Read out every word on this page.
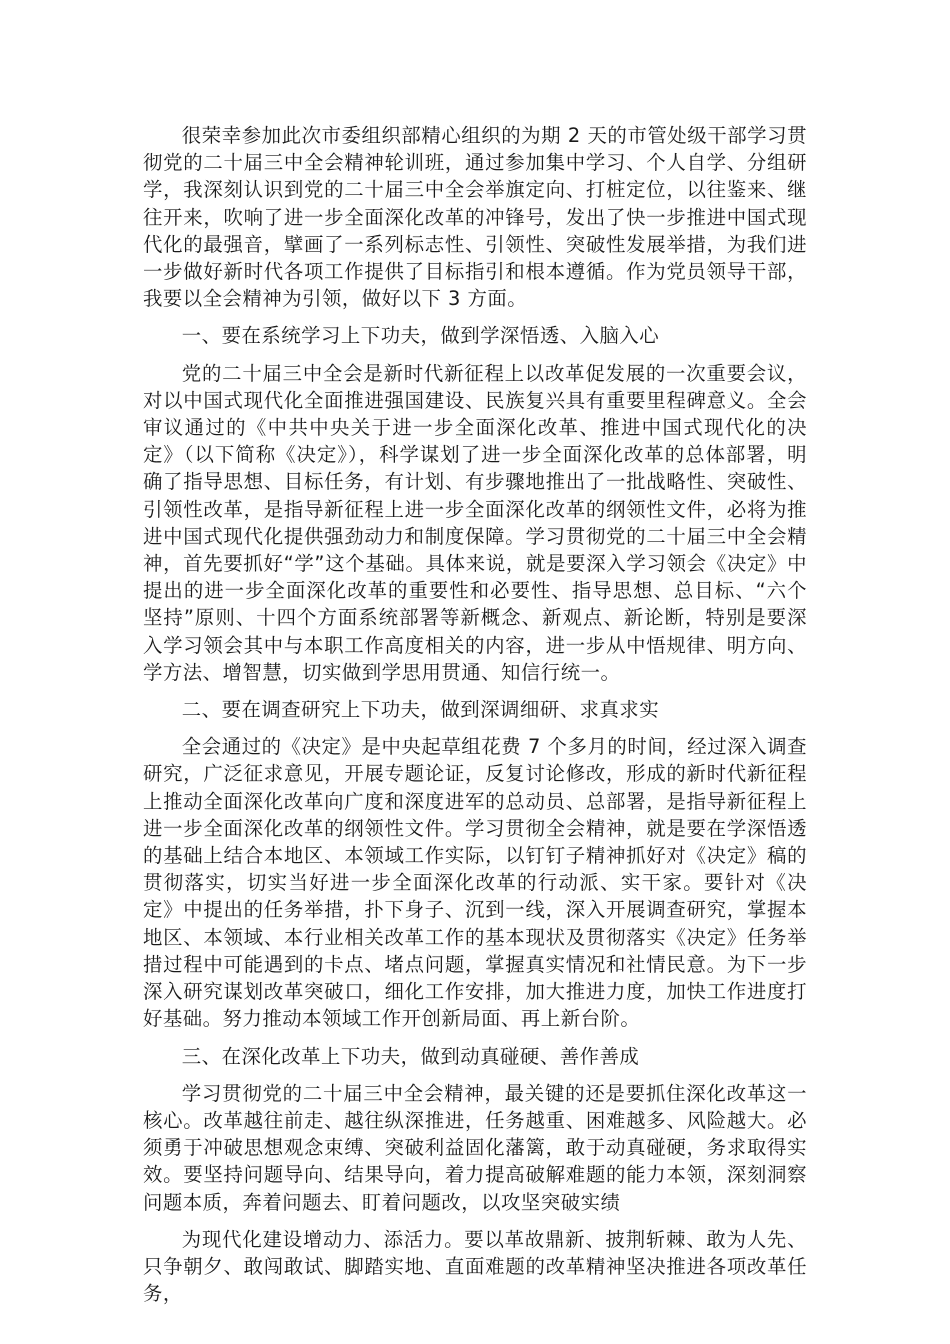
很荣幸参加此次市委组织部精心组织的为期 2 天的市管处级干部学习贯彻党的二十届三中全会精神轮训班，通过参加集中学习、个人自学、分组研学，我深刻认识到党的二十届三中全会举旗定向、打桩定位，以往鉴来、继往开来，吹响了进一步全面深化改革的冲锋号，发出了快一步推进中国式现代化的最强音，擘画了一系列标志性、引领性、突破性发展举措，为我们进一步做好新时代各项工作提供了目标指引和根本遵循。作为党员领导干部，我要以全会精神为引领，做好以下 3 方面。

一、要在系统学习上下功夫，做到学深悟透、入脑入心

党的二十届三中全会是新时代新征程上以改革促发展的一次重要会议，对以中国式现代化全面推进强国建设、民族复兴具有重要里程碑意义。全会审议通过的《中共中央关于进一步全面深化改革、推进中国式现代化的决定》（以下简称《决定》），科学谋划了进一步全面深化改革的总体部署，明确了指导思想、目标任务，有计划、有步骤地推出了一批战略性、突破性、引领性改革，是指导新征程上进一步全面深化改革的纲领性文件，必将为推进中国式现代化提供强劲动力和制度保障。学习贯彻党的二十届三中全会精神，首先要抓好“学”这个基础。具体来说，就是要深入学习领会《决定》中提出的进一步全面深化改革的重要性和必要性、指导思想、总目标、“六个坚持”原则、十四个方面系统部署等新概念、新观点、新论断，特别是要深入学习领会其中与本职工作高度相关的内容，进一步从中悟规律、明方向、学方法、增智慧，切实做到学思用贯通、知信行统一。

二、要在调查研究上下功夫，做到深调细研、求真求实

全会通过的《决定》是中央起草组花费 7 个多月的时间，经过深入调查研究，广泛征求意见，开展专题论证，反复讨论修改，形成的新时代新征程上推动全面深化改革向广度和深度进军的总动员、总部署，是指导新征程上进一步全面深化改革的纲领性文件。学习贯彻全会精神，就是要在学深悟透的基础上结合本地区、本领域工作实际，以钉钉子精神抓好对《决定》稿的贯彻落实，切实当好进一步全面深化改革的行动派、实干家。要针对《决定》中提出的任务举措，扑下身子、沉到一线，深入开展调查研究，掌握本地区、本领域、本行业相关改革工作的基本现状及贯彻落实《决定》任务举措过程中可能遇到的卡点、堵点问题，掌握真实情况和社情民意。为下一步深入研究谋划改革突破口，细化工作安排，加大推进力度，加快工作进度打好基础。努力推动本领域工作开创新局面、再上新台阶。

三、在深化改革上下功夫，做到动真碰硬、善作善成

学习贯彻党的二十届三中全会精神，最关键的还是要抓住深化改革这一核心。改革越往前走、越往纵深推进，任务越重、困难越多、风险越大。必须勇于冲破思想观念束缚、突破利益固化藩篱，敢于动真碰硬，务求取得实效。要坚持问题导向、结果导向，着力提高破解难题的能力本领，深刻洞察问题本质，奔着问题去、盯着问题改，以攻坚突破实绩

为现代化建设增动力、添活力。要以革故鼎新、披荆斩棘、敢为人先、只争朝夕、敢闯敢试、脚踏实地、直面难题的改革精神坚决推进各项改革任务，
